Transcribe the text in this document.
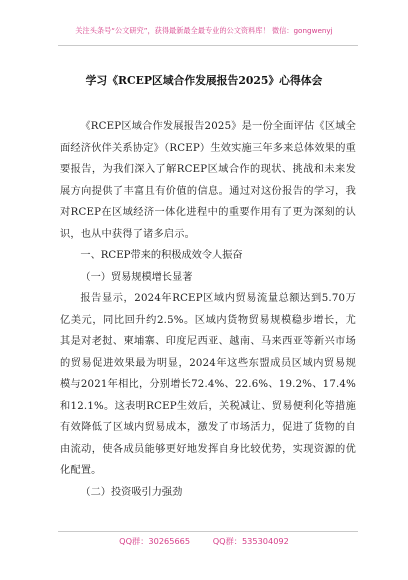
关注头条号“公文研究”，获得最新最全最专业的公文资料库！ 微信：gongwenyj
学习《RCEP区域合作发展报告2025》心得体会

《RCEP区域合作发展报告2025》是一份全面评估《区域全面经济伙伴关系协定》（RCEP）生效实施三年多来总体效果的重要报告，为我们深入了解RCEP区域合作的现状、挑战和未来发展方向提供了丰富且有价值的信息。通过对这份报告的学习，我对RCEP在区域经济一体化进程中的重要作用有了更为深刻的认识，也从中获得了诸多启示。

一、RCEP带来的积极成效令人振奋

（一）贸易规模增长显著

报告显示，2024年RCEP区域内贸易流量总额达到5.70万亿美元，同比回升约2.5%。区域内货物贸易规模稳步增长，尤其是对老挝、柬埔寨、印度尼西亚、越南、马来西亚等新兴市场的贸易促进效果最为明显，2024年这些东盟成员区域内贸易规模与2021年相比，分别增长72.4%、22.6%、19.2%、17.4%和12.1%。这表明RCEP生效后，关税减让、贸易便利化等措施有效降低了区域内贸易成本，激发了市场活力，促进了货物的自由流动，使各成员能够更好地发挥自身比较优势，实现资源的优化配置。

（二）投资吸引力强劲

QQ群：30265665	QQ群：535304092
